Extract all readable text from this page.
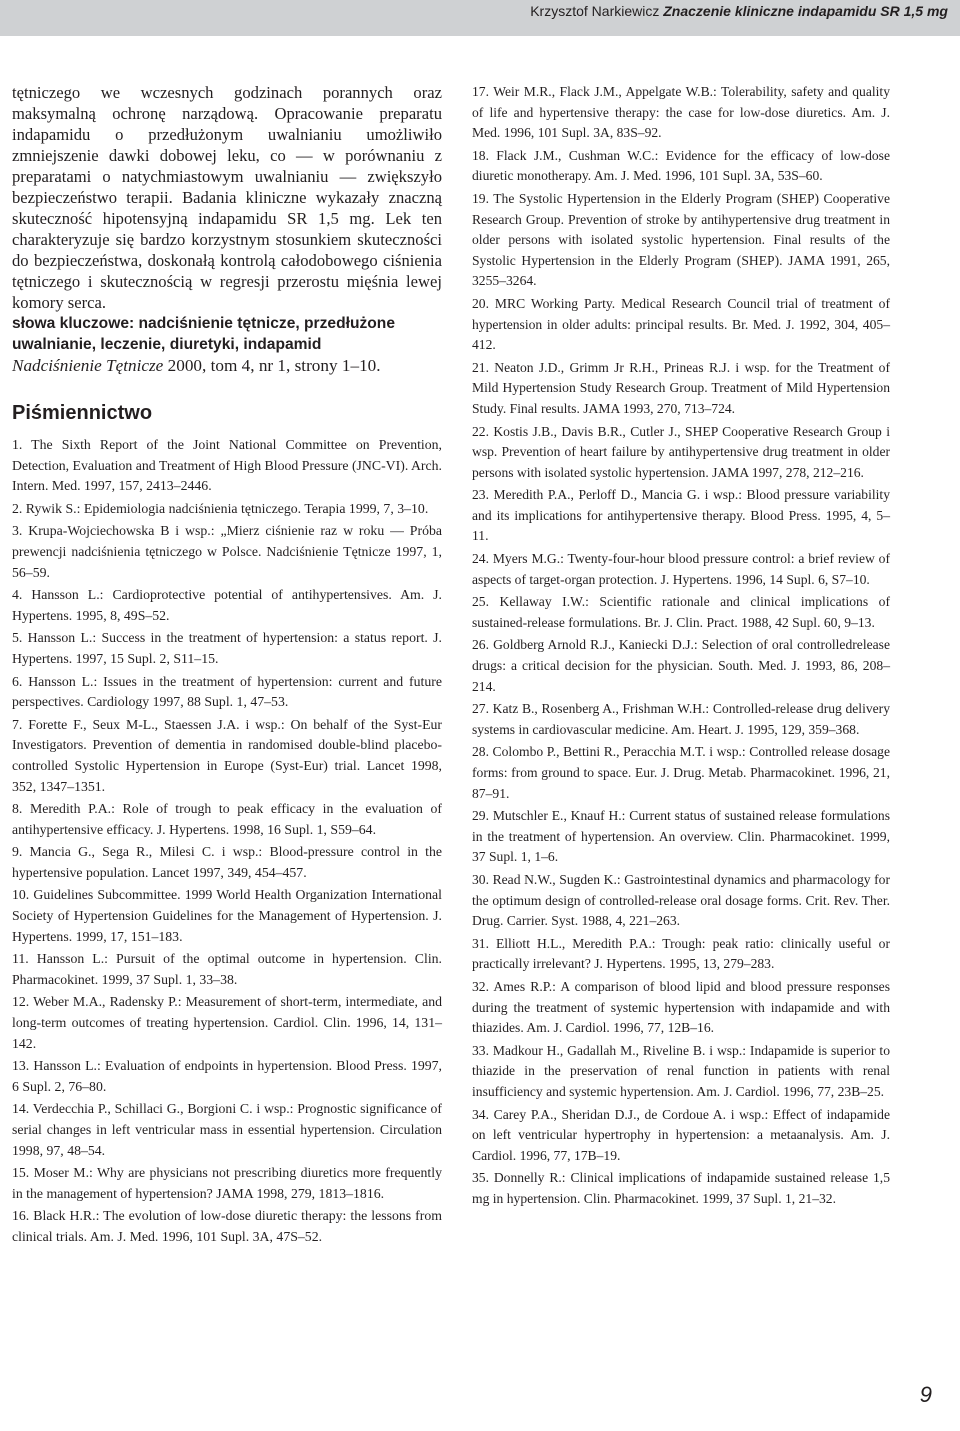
Krzysztof Narkiewicz Znaczenie kliniczne indapamidu SR 1,5 mg

tętniczego we wczesnych godzinach porannych oraz maksymalną ochronę narządową. Opracowanie preparatu indapamidu o przedłużonym uwalnianiu umożliwiło zmniejszenie dawki dobowej leku, co — w porównaniu z preparatami o natychmiastowym uwalnianiu — zwiększyło bezpieczeństwo terapii. Badania kliniczne wykazały znaczną skuteczność hipotensyjną indapamidu SR 1,5 mg. Lek ten charakteryzuje się bardzo korzystnym stosunkiem skuteczności do bezpieczeństwa, doskonałą kontrolą całodobowego ciśnienia tętniczego i skutecznością w regresji przerostu mięśnia lewej komory serca.

słowa kluczowe: nadciśnienie tętnicze, przedłużone uwalnianie, leczenie, diuretyki, indapamid

Nadciśnienie Tętnicze 2000, tom 4, nr 1, strony 1–10.

Piśmiennictwo
1. The Sixth Report of the Joint National Committee on Prevention, Detection, Evaluation and Treatment of High Blood Pressure (JNC-VI). Arch. Intern. Med. 1997, 157, 2413–2446.
2. Rywik S.: Epidemiologia nadciśnienia tętniczego. Terapia 1999, 7, 3–10.
3. Krupa-Wojciechowska B i wsp.: „Mierz ciśnienie raz w roku — Próba prewencji nadciśnienia tętniczego w Polsce. Nadciśnienie Tętnicze 1997, 1, 56–59.
4. Hansson L.: Cardioprotective potential of antihypertensives. Am. J. Hypertens. 1995, 8, 49S–52.
5. Hansson L.: Success in the treatment of hypertension: a status report. J. Hypertens. 1997, 15 Supl. 2, S11–15.
6. Hansson L.: Issues in the treatment of hypertension: current and future perspectives. Cardiology 1997, 88 Supl. 1, 47–53.
7. Forette F., Seux M-L., Staessen J.A. i wsp.: On behalf of the Syst-Eur Investigators. Prevention of dementia in randomised double-blind placebo-controlled Systolic Hypertension in Europe (Syst-Eur) trial. Lancet 1998, 352, 1347–1351.
8. Meredith P.A.: Role of trough to peak efficacy in the evaluation of antihypertensive efficacy. J. Hypertens. 1998, 16 Supl. 1, S59–64.
9. Mancia G., Sega R., Milesi C. i wsp.: Blood-pressure control in the hypertensive population. Lancet 1997, 349, 454–457.
10. Guidelines Subcommittee. 1999 World Health Organization International Society of Hypertension Guidelines for the Management of Hypertension. J. Hypertens. 1999, 17, 151–183.
11. Hansson L.: Pursuit of the optimal outcome in hypertension. Clin. Pharmacokinet. 1999, 37 Supl. 1, 33–38.
12. Weber M.A., Radensky P.: Measurement of short-term, intermediate, and long-term outcomes of treating hypertension. Cardiol. Clin. 1996, 14, 131–142.
13. Hansson L.: Evaluation of endpoints in hypertension. Blood Press. 1997, 6 Supl. 2, 76–80.
14. Verdecchia P., Schillaci G., Borgioni C. i wsp.: Prognostic significance of serial changes in left ventricular mass in essential hypertension. Circulation 1998, 97, 48–54.
15. Moser M.: Why are physicians not prescribing diuretics more frequently in the management of hypertension? JAMA 1998, 279, 1813–1816.
16. Black H.R.: The evolution of low-dose diuretic therapy: the lessons from clinical trials. Am. J. Med. 1996, 101 Supl. 3A, 47S–52.
17. Weir M.R., Flack J.M., Appelgate W.B.: Tolerability, safety and quality of life and hypertensive therapy: the case for low-dose diuretics. Am. J. Med. 1996, 101 Supl. 3A, 83S–92.
18. Flack J.M., Cushman W.C.: Evidence for the efficacy of low-dose diuretic monotherapy. Am. J. Med. 1996, 101 Supl. 3A, 53S–60.
19. The Systolic Hypertension in the Elderly Program (SHEP) Cooperative Research Group. Prevention of stroke by antihypertensive drug treatment in older persons with isolated systolic hypertension. Final results of the Systolic Hypertension in the Elderly Program (SHEP). JAMA 1991, 265, 3255–3264.
20. MRC Working Party. Medical Research Council trial of treatment of hypertension in older adults: principal results. Br. Med. J. 1992, 304, 405–412.
21. Neaton J.D., Grimm Jr R.H., Prineas R.J. i wsp. for the Treatment of Mild Hypertension Study Research Group. Treatment of Mild Hypertension Study. Final results. JAMA 1993, 270, 713–724.
22. Kostis J.B., Davis B.R., Cutler J., SHEP Cooperative Research Group i wsp. Prevention of heart failure by antihypertensive drug treatment in older persons with isolated systolic hypertension. JAMA 1997, 278, 212–216.
23. Meredith P.A., Perloff D., Mancia G. i wsp.: Blood pressure variability and its implications for antihypertensive therapy. Blood Press. 1995, 4, 5–11.
24. Myers M.G.: Twenty-four-hour blood pressure control: a brief review of aspects of target-organ protection. J. Hypertens. 1996, 14 Supl. 6, S7–10.
25. Kellaway I.W.: Scientific rationale and clinical implications of sustained-release formulations. Br. J. Clin. Pract. 1988, 42 Supl. 60, 9–13.
26. Goldberg Arnold R.J., Kaniecki D.J.: Selection of oral controlledrelease drugs: a critical decision for the physician. South. Med. J. 1993, 86, 208–214.
27. Katz B., Rosenberg A., Frishman W.H.: Controlled-release drug delivery systems in cardiovascular medicine. Am. Heart. J. 1995, 129, 359–368.
28. Colombo P., Bettini R., Peracchia M.T. i wsp.: Controlled release dosage forms: from ground to space. Eur. J. Drug. Metab. Pharmacokinet. 1996, 21, 87–91.
29. Mutschler E., Knauf H.: Current status of sustained release formulations in the treatment of hypertension. An overview. Clin. Pharmacokinet. 1999, 37 Supl. 1, 1–6.
30. Read N.W., Sugden K.: Gastrointestinal dynamics and pharmacology for the optimum design of controlled-release oral dosage forms. Crit. Rev. Ther. Drug. Carrier. Syst. 1988, 4, 221–263.
31. Elliott H.L., Meredith P.A.: Trough: peak ratio: clinically useful or practically irrelevant? J. Hypertens. 1995, 13, 279–283.
32. Ames R.P.: A comparison of blood lipid and blood pressure responses during the treatment of systemic hypertension with indapamide and with thiazides. Am. J. Cardiol. 1996, 77, 12B–16.
33. Madkour H., Gadallah M., Riveline B. i wsp.: Indapamide is superior to thiazide in the preservation of renal function in patients with renal insufficiency and systemic hypertension. Am. J. Cardiol. 1996, 77, 23B–25.
34. Carey P.A., Sheridan D.J., de Cordoue A. i wsp.: Effect of indapamide on left ventricular hypertrophy in hypertension: a metaanalysis. Am. J. Cardiol. 1996, 77, 17B–19.
35. Donnelly R.: Clinical implications of indapamide sustained release 1,5 mg in hypertension. Clin. Pharmacokinet. 1999, 37 Supl. 1, 21–32.
9
